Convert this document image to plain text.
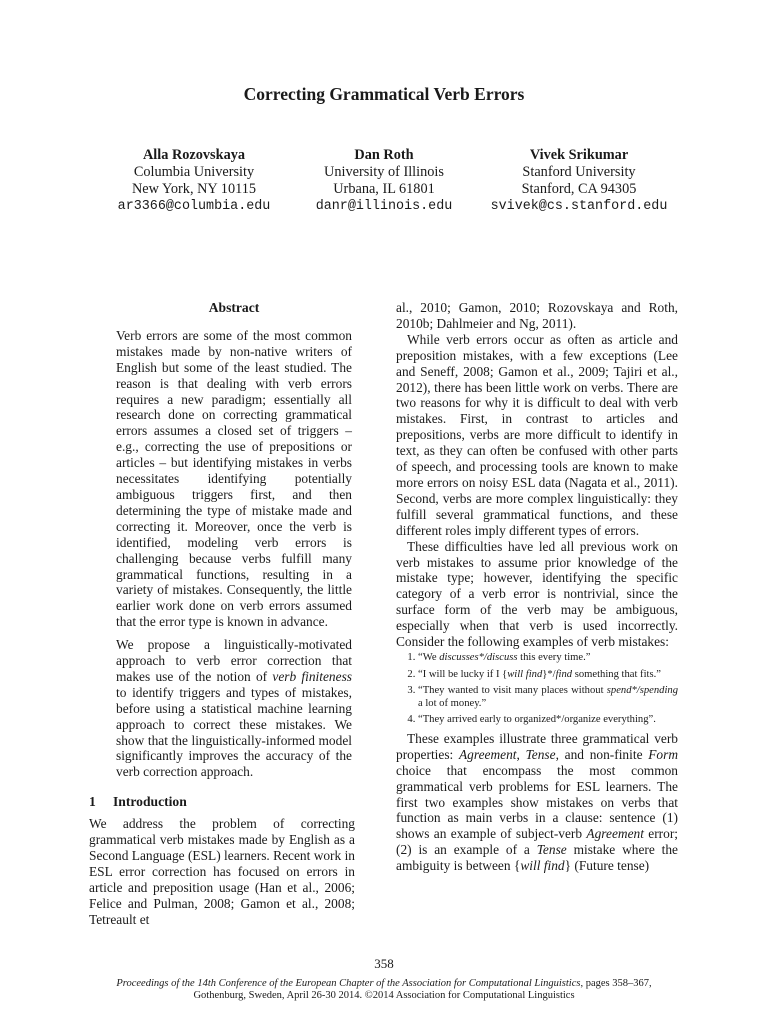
Correcting Grammatical Verb Errors
Alla Rozovskaya
Columbia University
New York, NY 10115
ar3366@columbia.edu
Dan Roth
University of Illinois
Urbana, IL 61801
danr@illinois.edu
Vivek Srikumar
Stanford University
Stanford, CA 94305
svivek@cs.stanford.edu
Abstract

Verb errors are some of the most common mistakes made by non-native writers of English but some of the least studied. The reason is that dealing with verb errors requires a new paradigm; essentially all research done on correcting grammatical errors assumes a closed set of triggers – e.g., correcting the use of prepositions or articles – but identifying mistakes in verbs necessitates identifying potentially ambiguous triggers first, and then determining the type of mistake made and correcting it. Moreover, once the verb is identified, modeling verb errors is challenging because verbs fulfill many grammatical functions, resulting in a variety of mistakes. Consequently, the little earlier work done on verb errors assumed that the error type is known in advance.

We propose a linguistically-motivated approach to verb error correction that makes use of the notion of verb finiteness to identify triggers and types of mistakes, before using a statistical machine learning approach to correct these mistakes. We show that the linguistically-informed model significantly improves the accuracy of the verb correction approach.

1 Introduction

We address the problem of correcting grammatical verb mistakes made by English as a Second Language (ESL) learners. Recent work in ESL error correction has focused on errors in article and preposition usage (Han et al., 2006; Felice and Pulman, 2008; Gamon et al., 2008; Tetreault et

al., 2010; Gamon, 2010; Rozovskaya and Roth, 2010b; Dahlmeier and Ng, 2011).

While verb errors occur as often as article and preposition mistakes, with a few exceptions (Lee and Seneff, 2008; Gamon et al., 2009; Tajiri et al., 2012), there has been little work on verbs. There are two reasons for why it is difficult to deal with verb mistakes. First, in contrast to articles and prepositions, verbs are more difficult to identify in text, as they can often be confused with other parts of speech, and processing tools are known to make more errors on noisy ESL data (Nagata et al., 2011). Second, verbs are more complex linguistically: they fulfill several grammatical functions, and these different roles imply different types of errors.

These difficulties have led all previous work on verb mistakes to assume prior knowledge of the mistake type; however, identifying the specific category of a verb error is nontrivial, since the surface form of the verb may be ambiguous, especially when that verb is used incorrectly. Consider the following examples of verb mistakes:

1. “We discusses*/discuss this every time.”
2. “I will be lucky if I {will find}*/find something that fits.”
3. “They wanted to visit many places without spend*/spending a lot of money.”
4. “They arrived early to organized*/organize everything”.

These examples illustrate three grammatical verb properties: Agreement, Tense, and non-finite Form choice that encompass the most common grammatical verb problems for ESL learners. The first two examples show mistakes on verbs that function as main verbs in a clause: sentence (1) shows an example of subject-verb Agreement error; (2) is an example of a Tense mistake where the ambiguity is between {will find} (Future tense)

358
Proceedings of the 14th Conference of the European Chapter of the Association for Computational Linguistics, pages 358–367,
Gothenburg, Sweden, April 26-30 2014. ©2014 Association for Computational Linguistics
